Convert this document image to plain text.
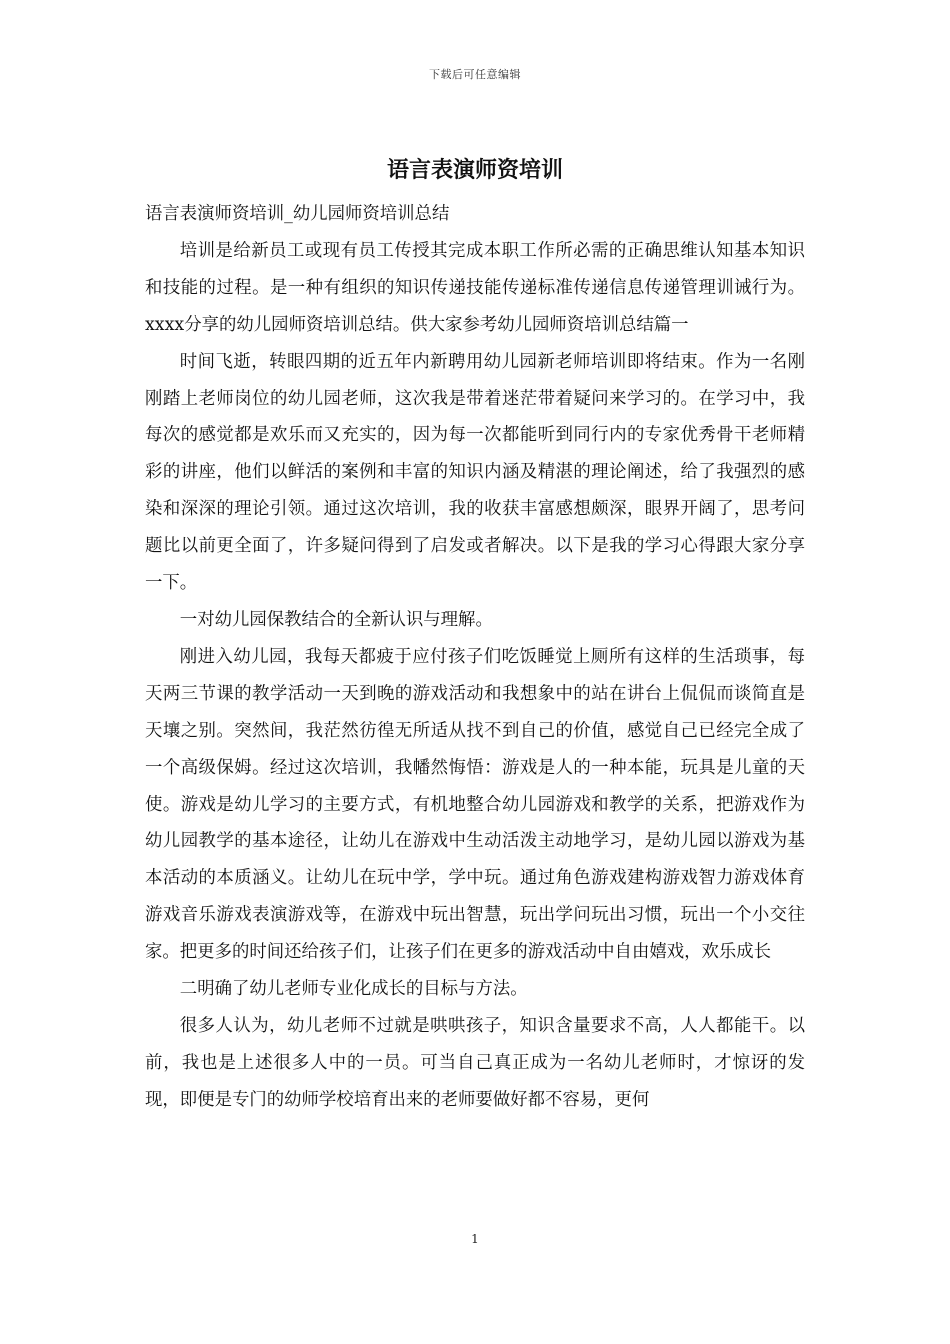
下载后可任意编辑
语言表演师资培训

语言表演师资培训_幼儿园师资培训总结

培训是给新员工或现有员工传授其完成本职工作所必需的正确思维认知基本知识和技能的过程。是一种有组织的知识传递技能传递标准传递信息传递管理训诫行为。xxxx分享的幼儿园师资培训总结。供大家参考幼儿园师资培训总结篇一

时间飞逝，转眼四期的近五年内新聘用幼儿园新老师培训即将结束。作为一名刚刚踏上老师岗位的幼儿园老师，这次我是带着迷茫带着疑问来学习的。在学习中，我每次的感觉都是欢乐而又充实的，因为每一次都能听到同行内的专家优秀骨干老师精彩的讲座，他们以鲜活的案例和丰富的知识内涵及精湛的理论阐述，给了我强烈的感染和深深的理论引领。通过这次培训，我的收获丰富感想颇深，眼界开阔了，思考问题比以前更全面了，许多疑问得到了启发或者解决。以下是我的学习心得跟大家分享一下。

一对幼儿园保教结合的全新认识与理解。

刚进入幼儿园，我每天都疲于应付孩子们吃饭睡觉上厕所有这样的生活琐事，每天两三节课的教学活动一天到晚的游戏活动和我想象中的站在讲台上侃侃而谈简直是天壤之别。突然间，我茫然彷徨无所适从找不到自己的价值，感觉自己已经完全成了一个高级保姆。经过这次培训，我幡然悔悟：游戏是人的一种本能，玩具是儿童的天使。游戏是幼儿学习的主要方式，有机地整合幼儿园游戏和教学的关系，把游戏作为幼儿园教学的基本途径，让幼儿在游戏中生动活泼主动地学习，是幼儿园以游戏为基本活动的本质涵义。让幼儿在玩中学，学中玩。通过角色游戏建构游戏智力游戏体育游戏音乐游戏表演游戏等，在游戏中玩出智慧，玩出学问玩出习惯，玩出一个小交往家。把更多的时间还给孩子们，让孩子们在更多的游戏活动中自由嬉戏，欢乐成长

二明确了幼儿老师专业化成长的目标与方法。

很多人认为，幼儿老师不过就是哄哄孩子，知识含量要求不高，人人都能干。以前，我也是上述很多人中的一员。可当自己真正成为一名幼儿老师时，才惊讶的发现，即便是专门的幼师学校培育出来的老师要做好都不容易，更何

1
